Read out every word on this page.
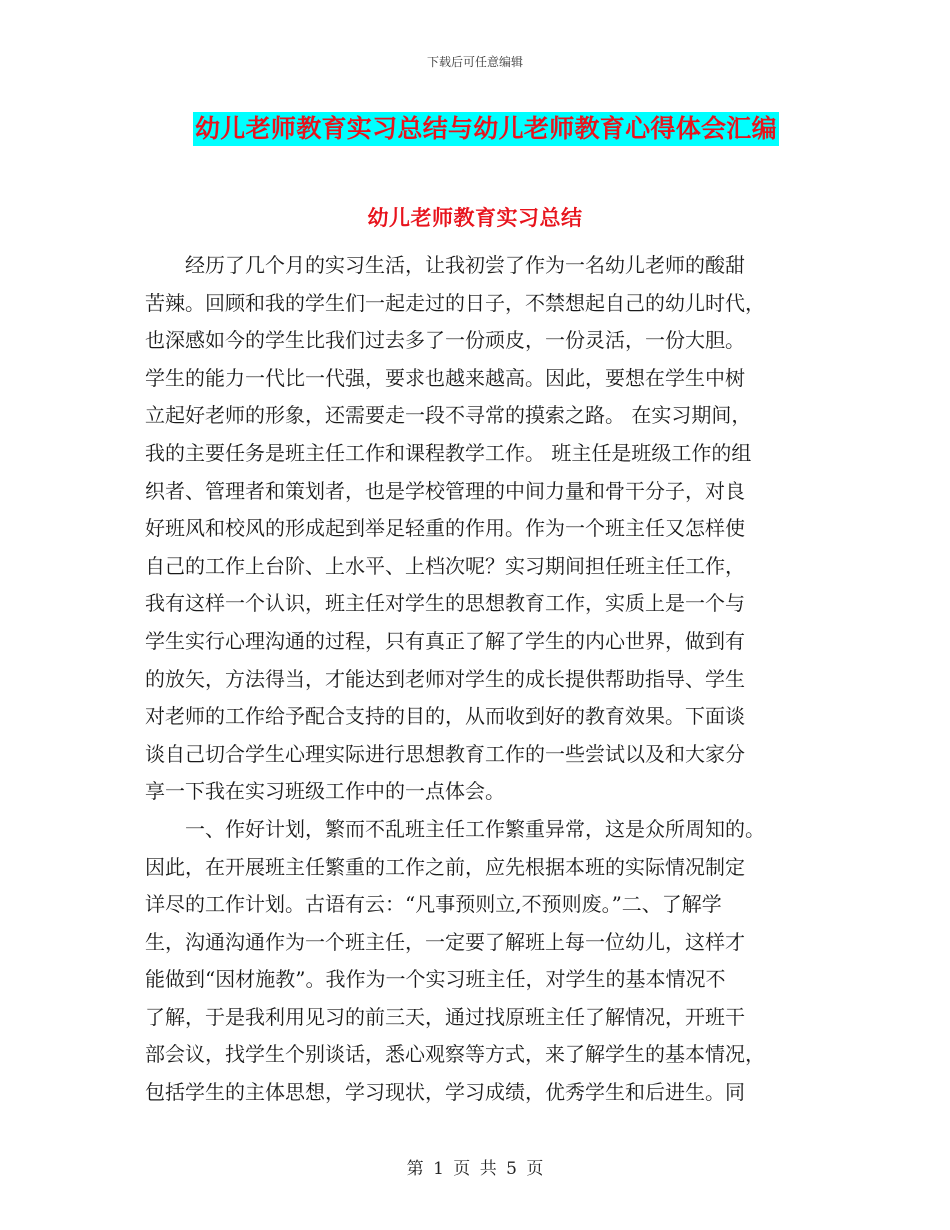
下载后可任意编辑
幼儿老师教育实习总结与幼儿老师教育心得体会汇编
幼儿老师教育实习总结
　　经历了几个月的实习生活，让我初尝了作为一名幼儿老师的酸甜
苦辣。回顾和我的学生们一起走过的日子，不禁想起自己的幼儿时代，
也深感如今的学生比我们过去多了一份顽皮，一份灵活，一份大胆。
学生的能力一代比一代强，要求也越来越高。因此，要想在学生中树
立起好老师的形象，还需要走一段不寻常的摸索之路。 在实习期间，
我的主要任务是班主任工作和课程教学工作。 班主任是班级工作的组
织者、管理者和策划者，也是学校管理的中间力量和骨干分子，对良
好班风和校风的形成起到举足轻重的作用。作为一个班主任又怎样使
自己的工作上台阶、上水平、上档次呢？实习期间担任班主任工作，
我有这样一个认识，班主任对学生的思想教育工作，实质上是一个与
学生实行心理沟通的过程，只有真正了解了学生的内心世界，做到有
的放矢，方法得当，才能达到老师对学生的成长提供帮助指导、学生
对老师的工作给予配合支持的目的，从而收到好的教育效果。下面谈
谈自己切合学生心理实际进行思想教育工作的一些尝试以及和大家分
享一下我在实习班级工作中的一点体会。
　　一、作好计划，繁而不乱班主任工作繁重异常，这是众所周知的。
因此，在开展班主任繁重的工作之前，应先根据本班的实际情况制定
详尽的工作计划。古语有云：“凡事预则立,不预则废。”二、了解学
生，沟通沟通作为一个班主任，一定要了解班上每一位幼儿，这样才
能做到“因材施教”。我作为一个实习班主任，对学生的基本情况不
了解，于是我利用见习的前三天，通过找原班主任了解情况，开班干
部会议，找学生个别谈话，悉心观察等方式，来了解学生的基本情况，
包括学生的主体思想，学习现状，学习成绩，优秀学生和后进生。同
第 1 页 共 5 页
